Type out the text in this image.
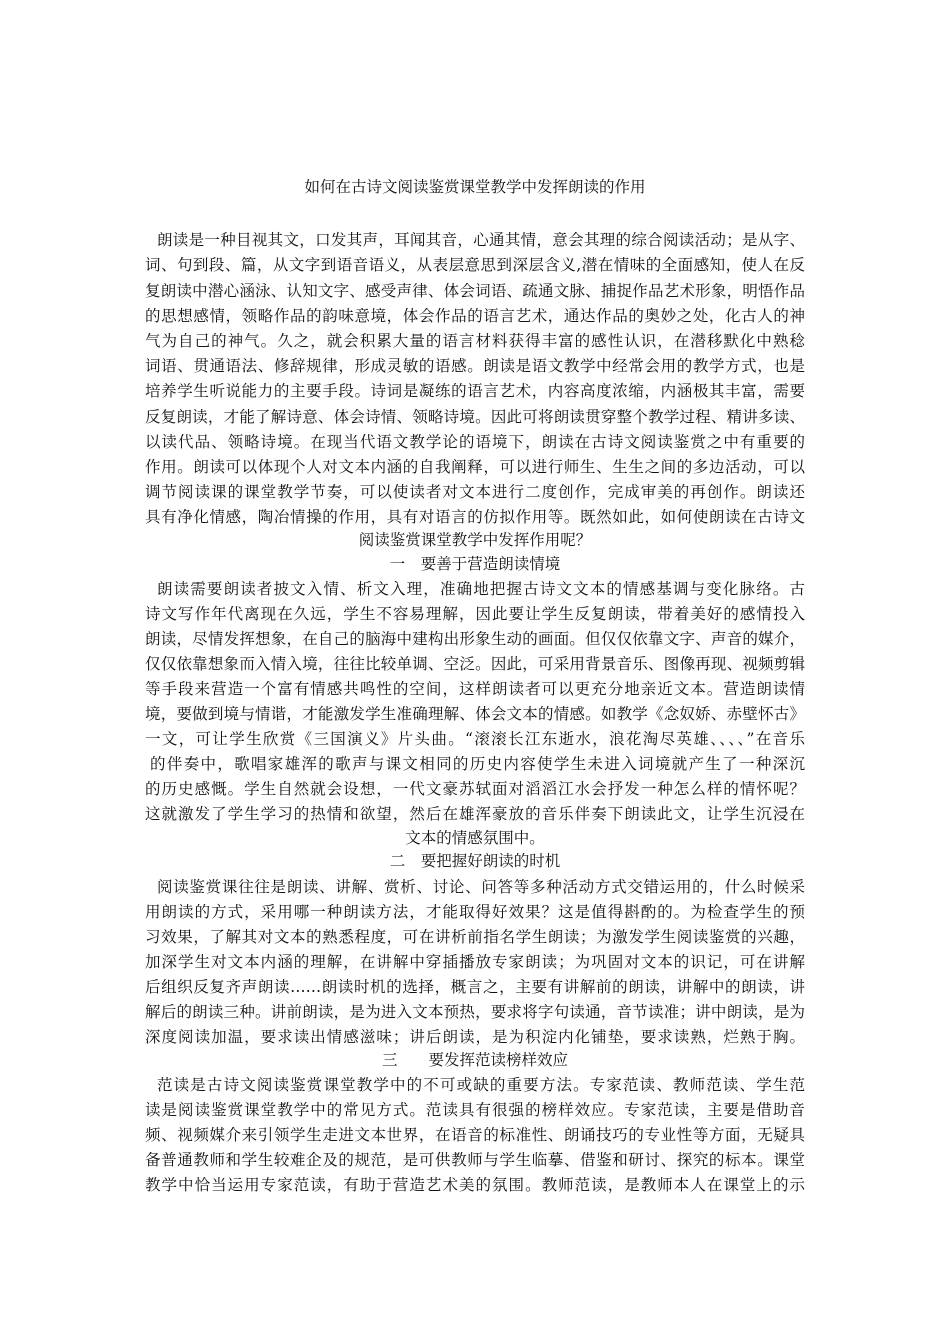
如何在古诗文阅读鉴赏课堂教学中发挥朗读的作用
朗读是一种目视其文，口发其声，耳闻其音，心通其情，意会其理的综合阅读活动；是从字、
词、句到段、篇，从文字到语音语义，从表层意思到深层含义,潜在情味的全面感知，使人在反
复朗读中潜心涵泳、认知文字、感受声律、体会词语、疏通文脉、捕捉作品艺术形象，明悟作品
的思想感情，领略作品的韵味意境，体会作品的语言艺术，通达作品的奥妙之处，化古人的神
气为自己的神气。久之，就会积累大量的语言材料获得丰富的感性认识，在潜移默化中熟稔
词语、贯通语法、修辞规律，形成灵敏的语感。朗读是语文教学中经常会用的教学方式，也是
培养学生听说能力的主要手段。诗词是凝练的语言艺术，内容高度浓缩，内涵极其丰富，需要
反复朗读，才能了解诗意、体会诗情、领略诗境。因此可将朗读贯穿整个教学过程、精讲多读、
以读代品、领略诗境。在现当代语文教学论的语境下，朗读在古诗文阅读鉴赏之中有重要的
作用。朗读可以体现个人对文本内涵的自我阐释，可以进行师生、生生之间的多边活动，可以
调节阅读课的课堂教学节奏，可以使读者对文本进行二度创作，完成审美的再创作。朗读还
具有净化情感，陶冶情操的作用，具有对语言的仿拟作用等。既然如此，如何使朗读在古诗文
阅读鉴赏课堂教学中发挥作用呢？
一　要善于营造朗读情境
朗读需要朗读者披文入情、析文入理，准确地把握古诗文文本的情感基调与变化脉络。古
诗文写作年代离现在久远，学生不容易理解，因此要让学生反复朗读，带着美好的感情投入
朗读，尽情发挥想象，在自己的脑海中建构出形象生动的画面。但仅仅依靠文字、声音的媒介，
仅仅依靠想象而入情入境，往往比较单调、空泛。因此，可采用背景音乐、图像再现、视频剪辑
等手段来营造一个富有情感共鸣性的空间，这样朗读者可以更充分地亲近文本。营造朗读情
境，要做到境与情谐，才能激发学生准确理解、体会文本的情感。如教学《念奴娇、赤壁怀古》
一文，可让学生欣赏《三国演义》片头曲。“滚滚长江东逝水，浪花淘尽英雄、、、、”在音乐
的伴奏中，歌唱家雄浑的歌声与课文相同的历史内容使学生未进入词境就产生了一种深沉
的历史感慨。学生自然就会设想，一代文豪苏轼面对滔滔江水会抒发一种怎么样的情怀呢？
这就激发了学生学习的热情和欲望，然后在雄浑豪放的音乐伴奏下朗读此文，让学生沉浸在
文本的情感氛围中。
二　要把握好朗读的时机
阅读鉴赏课往往是朗读、讲解、赏析、讨论、问答等多种活动方式交错运用的，什么时候采
用朗读的方式，采用哪一种朗读方法，才能取得好效果？这是值得斟酌的。为检查学生的预
习效果，了解其对文本的熟悉程度，可在讲析前指名学生朗读；为激发学生阅读鉴赏的兴趣，
加深学生对文本内涵的理解，在讲解中穿插播放专家朗读；为巩固对文本的识记，可在讲解
后组织反复齐声朗读……朗读时机的选择，概言之，主要有讲解前的朗读，讲解中的朗读，讲
解后的朗读三种。讲前朗读，是为进入文本预热，要求将字句读通，音节读准；讲中朗读，是为
深度阅读加温，要求读出情感滋味；讲后朗读，是为积淀内化铺垫，要求读熟，烂熟于胸。
三　　要发挥范读榜样效应
范读是古诗文阅读鉴赏课堂教学中的不可或缺的重要方法。专家范读、教师范读、学生范
读是阅读鉴赏课堂教学中的常见方式。范读具有很强的榜样效应。专家范读，主要是借助音
频、视频媒介来引领学生走进文本世界，在语音的标准性、朗诵技巧的专业性等方面，无疑具
备普通教师和学生较难企及的规范，是可供教师与学生临摹、借鉴和研讨、探究的标本。课堂
教学中恰当运用专家范读，有助于营造艺术美的氛围。教师范读，是教师本人在课堂上的示
